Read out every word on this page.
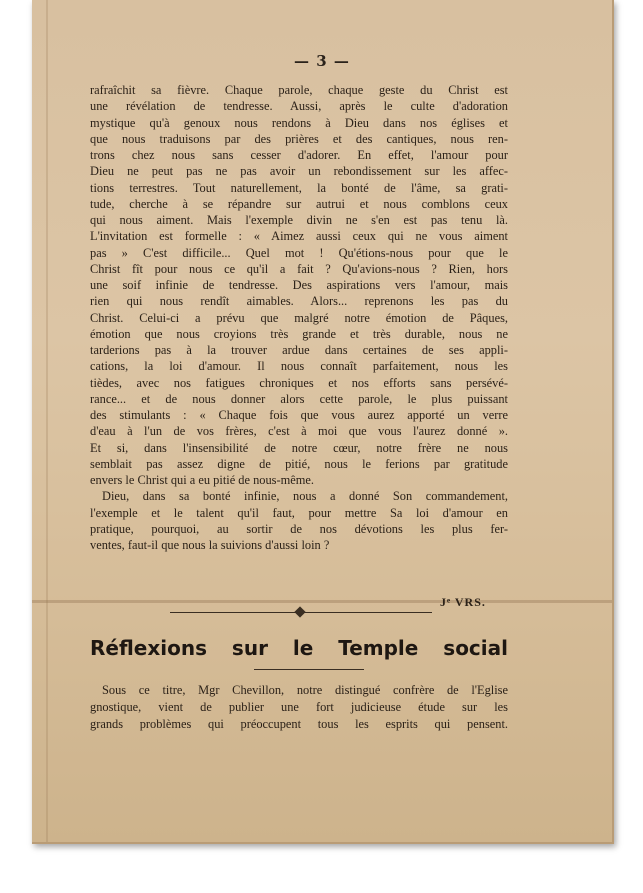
— 3 —
rafraîchit sa fièvre. Chaque parole, chaque geste du Christ est
une révélation de tendresse. Aussi, après le culte d'adoration
mystique qu'à genoux nous rendons à Dieu dans nos églises et
que nous traduisons par des prières et des cantiques, nous ren-
trons chez nous sans cesser d'adorer. En effet, l'amour pour
Dieu ne peut pas ne pas avoir un rebondissement sur les affec-
tions terrestres. Tout naturellement, la bonté de l'âme, sa grati-
tude, cherche à se répandre sur autrui et nous comblons ceux
qui nous aiment. Mais l'exemple divin ne s'en est pas tenu là.
L'invitation est formelle : « Aimez aussi ceux qui ne vous aiment
pas » C'est difficile... Quel mot ! Qu'étions-nous pour que le
Christ fît pour nous ce qu'il a fait ? Qu'avions-nous ? Rien, hors
une soif infinie de tendresse. Des aspirations vers l'amour, mais
rien qui nous rendît aimables. Alors... reprenons les pas du
Christ. Celui-ci a prévu que malgré notre émotion de Pâques,
émotion que nous croyions très grande et très durable, nous ne
tarderions pas à la trouver ardue dans certaines de ses appli-
cations, la loi d'amour. Il nous connaît parfaitement, nous les
tièdes, avec nos fatigues chroniques et nos efforts sans persévé-
rance... et de nous donner alors cette parole, le plus puissant
des stimulants : « Chaque fois que vous aurez apporté un verre
d'eau à l'un de vos frères, c'est à moi que vous l'aurez donné ».
Et si, dans l'insensibilité de notre cœur, notre frère ne nous
semblait pas assez digne de pitié, nous le ferions par gratitude
envers le Christ qui a eu pitié de nous-même.
Dieu, dans sa bonté infinie, nous a donné Son commandement,
l'exemple et le talent qu'il faut, pour mettre Sa loi d'amour en
pratique, pourquoi, au sortir de nos dévotions les plus fer-
ventes, faut-il que nous la suivions d'aussi loin ?
Jᵉ VRS.
Réflexions sur le Temple social
Sous ce titre, Mgr Chevillon, notre distingué confrère de l'Eglise
gnostique, vient de publier une fort judicieuse étude sur les
grands problèmes qui préoccupent tous les esprits qui pensent.
